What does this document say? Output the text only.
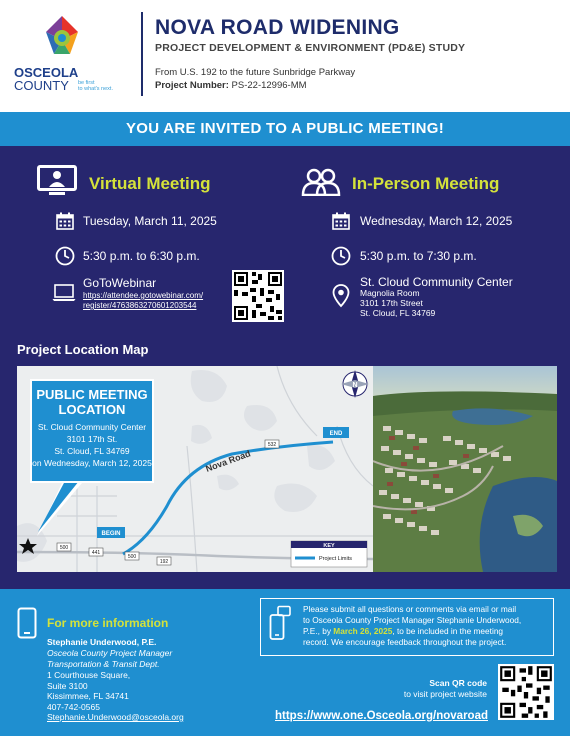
OSCEOLA
COUNTY	be first
to what's next.
NOVA ROAD WIDENING
PROJECT DEVELOPMENT & ENVIRONMENT (PD&E) STUDY
From U.S. 192 to the future Sunbridge Parkway
Project Number: PS-22-12996-MM
YOU ARE INVITED TO A PUBLIC MEETING!
Virtual Meeting
Tuesday, March 11, 2025
5:30 p.m. to 6:30 p.m.
GoToWebinar
https://attendee.gotowebinar.com/
register/4763863270601203544
In-Person Meeting
Wednesday, March 12, 2025
5:30 p.m. to 7:30 p.m.
St. Cloud Community Center
Magnolia Room
3101 17th Street
St. Cloud, FL 34769
Project Location Map
500
441
500
192
532
Nova Road
BEGIN
END
KEY
Project Limits
N
PUBLIC MEETING
LOCATION
St. Cloud Community Center
3101 17th St.
St. Cloud, FL 34769
on Wednesday, March 12, 2025
For more information
Stephanie Underwood, P.E.
Osceola County Project Manager
Transportation & Transit Dept.
1 Courthouse Square,
Suite 3100
Kissimmee, FL 34741
407-742-0565
Stephanie.Underwood@osceola.org
Please submit all questions or comments via email or mail
to Osceola County Project Manager Stephanie Underwood,
P.E., by March 26, 2025, to be included in the meeting
record. We encourage feedback throughout the project.
Scan QR code
to visit project website
https://www.one.Osceola.org/novaroad
